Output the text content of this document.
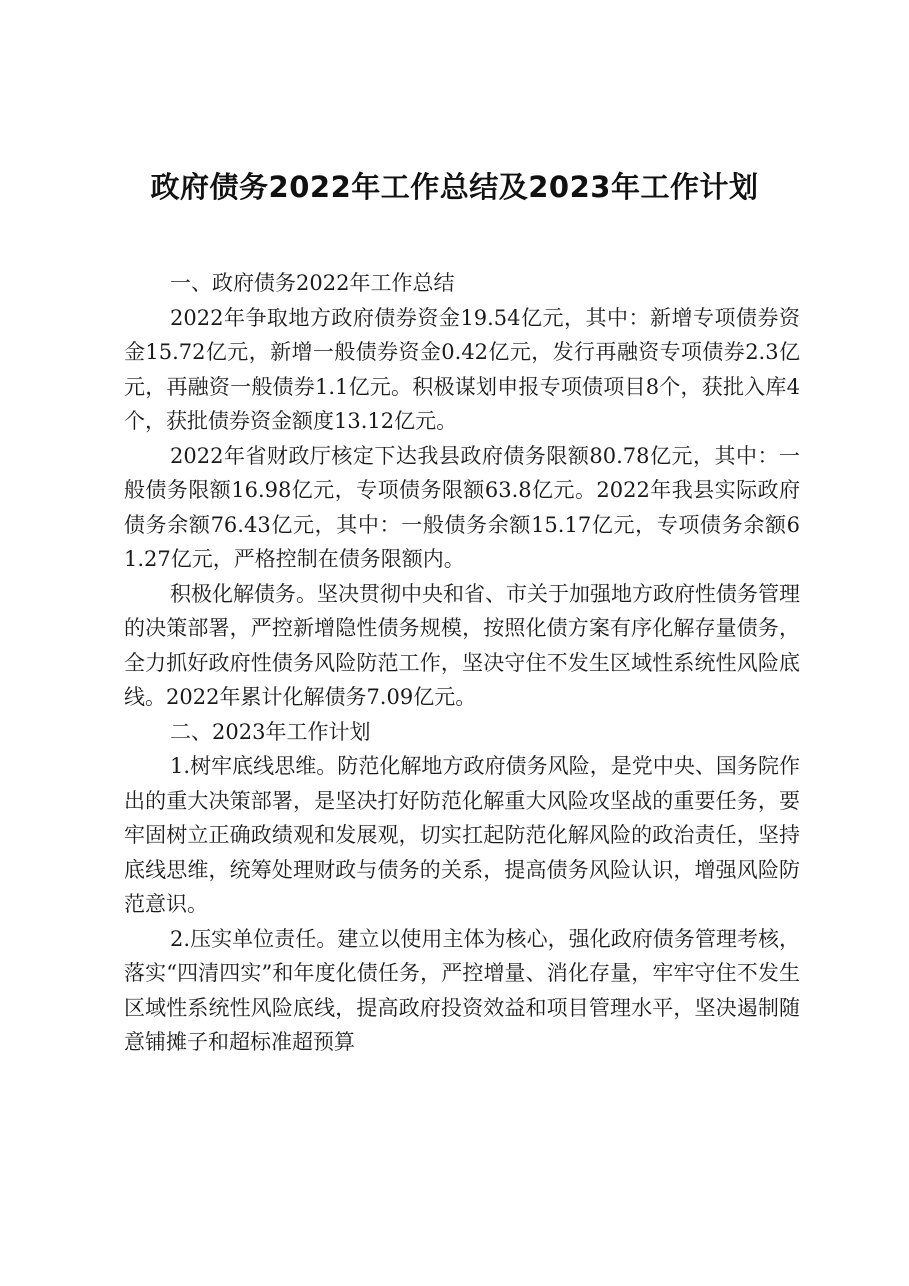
政府债务2022年工作总结及2023年工作计划

一、政府债务2022年工作总结

2022年争取地方政府债券资金19.54亿元，其中：新增专项债券资金15.72亿元，新增一般债券资金0.42亿元，发行再融资专项债券2.3亿元，再融资一般债券1.1亿元。积极谋划申报专项债项目8个，获批入库4个，获批债券资金额度13.12亿元。

2022年省财政厅核定下达我县政府债务限额80.78亿元，其中：一般债务限额16.98亿元，专项债务限额63.8亿元。2022年我县实际政府债务余额76.43亿元，其中：一般债务余额15.17亿元，专项债务余额61.27亿元，严格控制在债务限额内。

积极化解债务。坚决贯彻中央和省、市关于加强地方政府性债务管理的决策部署，严控新增隐性债务规模，按照化债方案有序化解存量债务，全力抓好政府性债务风险防范工作，坚决守住不发生区域性系统性风险底线。2022年累计化解债务7.09亿元。

二、2023年工作计划

1.树牢底线思维。防范化解地方政府债务风险，是党中央、国务院作出的重大决策部署，是坚决打好防范化解重大风险攻坚战的重要任务，要牢固树立正确政绩观和发展观，切实扛起防范化解风险的政治责任，坚持底线思维，统筹处理财政与债务的关系，提高债务风险认识，增强风险防范意识。

2.压实单位责任。建立以使用主体为核心，强化政府债务管理考核，落实“四清四实”和年度化债任务，严控增量、消化存量，牢牢守住不发生区域性系统性风险底线，提高政府投资效益和项目管理水平，坚决遏制随意铺摊子和超标准超预算
